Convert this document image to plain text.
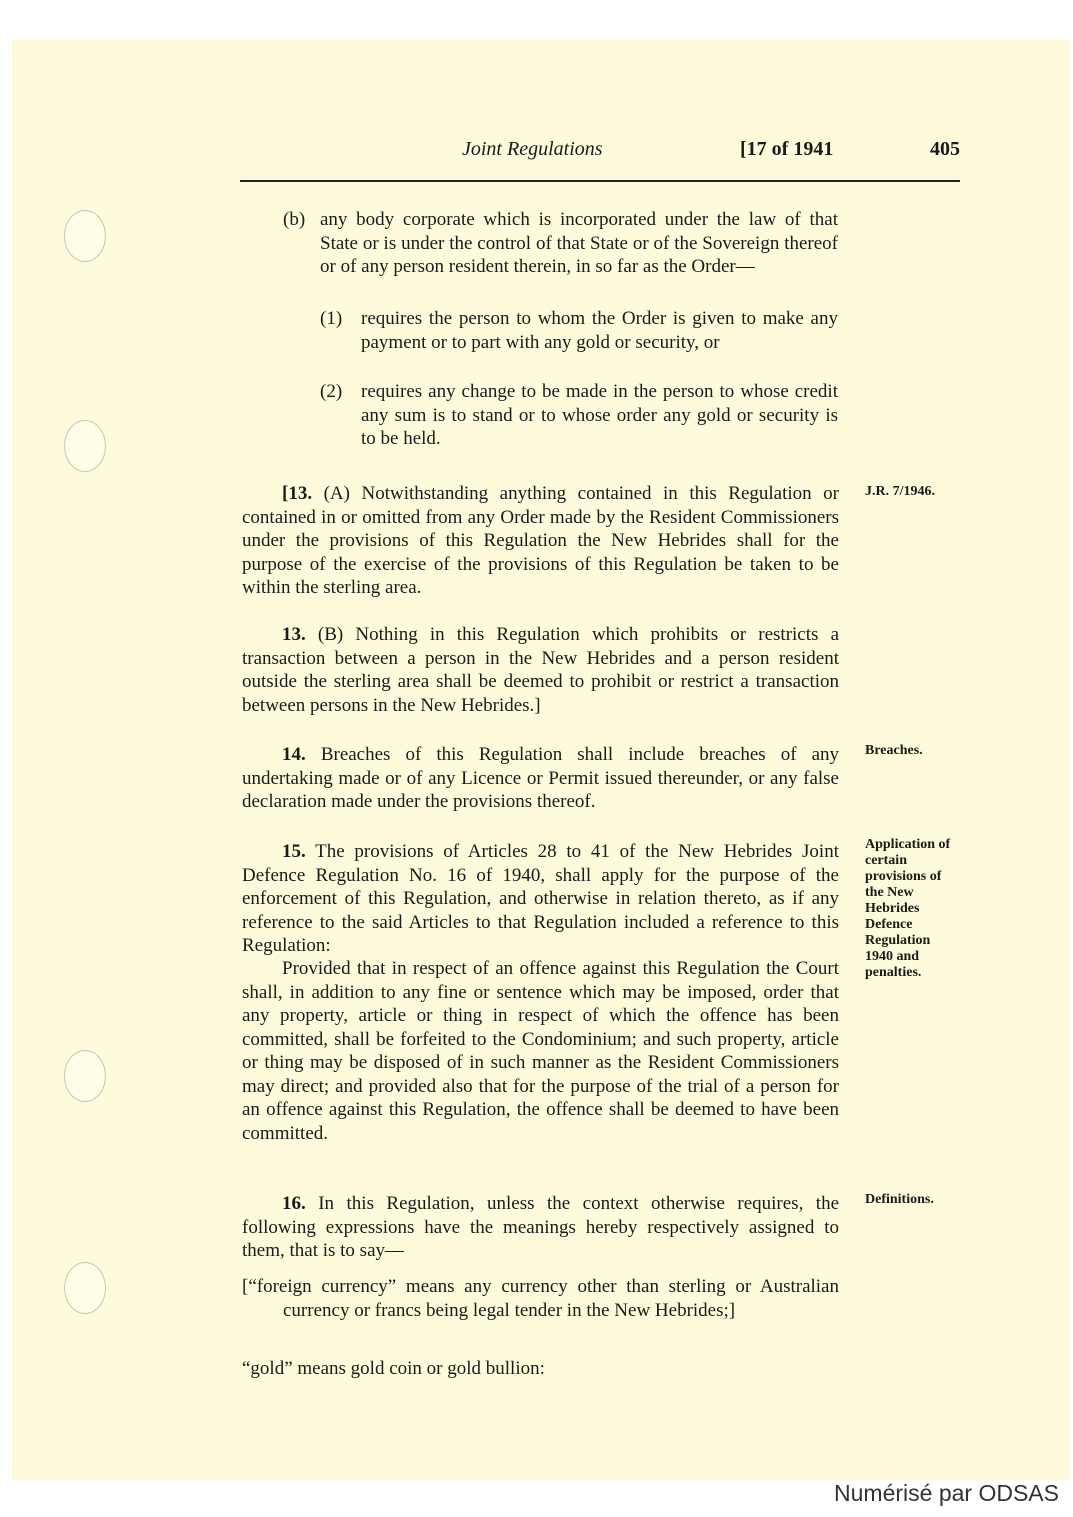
Joint Regulations	[17 of 1941	405
(b) any body corporate which is incorporated under the law of that State or is under the control of that State or of the Sovereign thereof or of any person resident therein, in so far as the Order—

(1) requires the person to whom the Order is given to make any payment or to part with any gold or security, or

(2) requires any change to be made in the person to whose credit any sum is to stand or to whose order any gold or security is to be held.

[13. (A) Notwithstanding anything contained in this Regulation or contained in or omitted from any Order made by the Resident Commissioners under the provisions of this Regulation the New Hebrides shall for the purpose of the exercise of the provisions of this Regulation be taken to be within the sterling area.

J.R. 7/1946.

13. (B) Nothing in this Regulation which prohibits or restricts a transaction between a person in the New Hebrides and a person resident outside the sterling area shall be deemed to prohibit or restrict a transaction between persons in the New Hebrides.]

14. Breaches of this Regulation shall include breaches of any undertaking made or of any Licence or Permit issued thereunder, or any false declaration made under the provisions thereof.

Breaches.

15. The provisions of Articles 28 to 41 of the New Hebrides Joint Defence Regulation No. 16 of 1940, shall apply for the purpose of the enforcement of this Regulation, and otherwise in relation thereto, as if any reference to the said Articles to that Regulation included a reference to this Regulation:

Provided that in respect of an offence against this Regulation the Court shall, in addition to any fine or sentence which may be imposed, order that any property, article or thing in respect of which the offence has been committed, shall be forfeited to the Condominium; and such property, article or thing may be disposed of in such manner as the Resident Commissioners may direct; and provided also that for the purpose of the trial of a person for an offence against this Regulation, the offence shall be deemed to have been committed.

Application of certain provisions of the New Hebrides Defence Regulation 1940 and penalties.

16. In this Regulation, unless the context otherwise requires, the following expressions have the meanings hereby respectively assigned to them, that is to say—

Definitions.

[“foreign currency” means any currency other than sterling or Australian currency or francs being legal tender in the New Hebrides;]

“gold” means gold coin or gold bullion:

Numérisé par ODSAS
